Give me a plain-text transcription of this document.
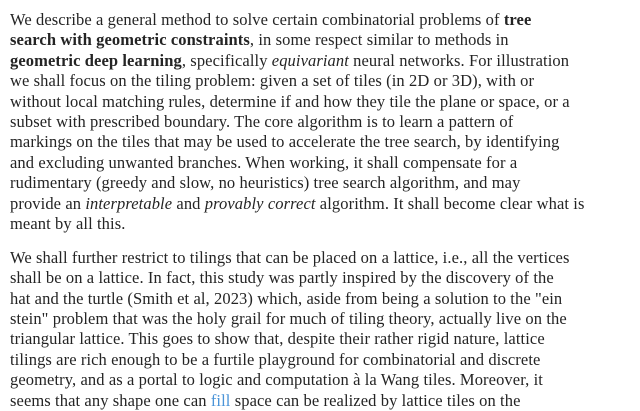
We describe a general method to solve certain combinatorial problems of tree
search with geometric constraints, in some respect similar to methods in
geometric deep learning, specifically equivariant neural networks. For illustration
we shall focus on the tiling problem: given a set of tiles (in 2D or 3D), with or
without local matching rules, determine if and how they tile the plane or space, or a
subset with prescribed boundary. The core algorithm is to learn a pattern of
markings on the tiles that may be used to accelerate the tree search, by identifying
and excluding unwanted branches. When working, it shall compensate for a
rudimentary (greedy and slow, no heuristics) tree search algorithm, and may
provide an interpretable and provably correct algorithm. It shall become clear what is
meant by all this.
We shall further restrict to tilings that can be placed on a lattice, i.e., all the vertices
shall be on a lattice. In fact, this study was partly inspired by the discovery of the
hat and the turtle (Smith et al, 2023) which, aside from being a solution to the "ein
stein" problem that was the holy grail for much of tiling theory, actually live on the
triangular lattice. This goes to show that, despite their rather rigid nature, lattice
tilings are rich enough to be a furtile playground for combinatorial and discrete
geometry, and as a portal to logic and computation à la Wang tiles. Moreover, it
seems that any shape one can fill space can be realized by lattice tiles on the
